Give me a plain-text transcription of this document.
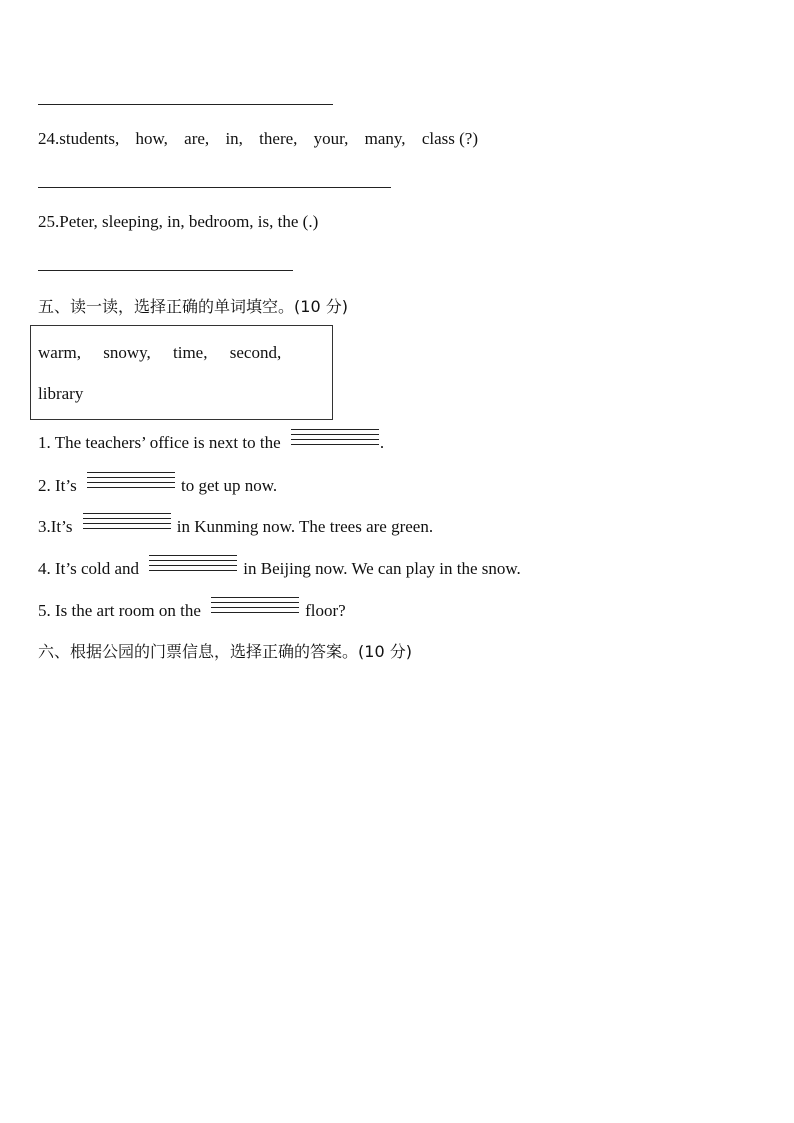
24.students, how, are, in, there, your, many, class (?)
25.Peter, sleeping, in, bedroom, is, the (.)
五、读一读，选择正确的单词填空。(10 分)
warm, snowy, time, second,
library
1. The teachers’ office is next to the	.
2. It’s	to get up now.
3.It’s	in Kunming now. The trees are green.
4. It’s cold and	in Beijing now. We can play in the snow.
5. Is the art room on the	floor?
六、根据公园的门票信息，选择正确的答案。(10 分)
